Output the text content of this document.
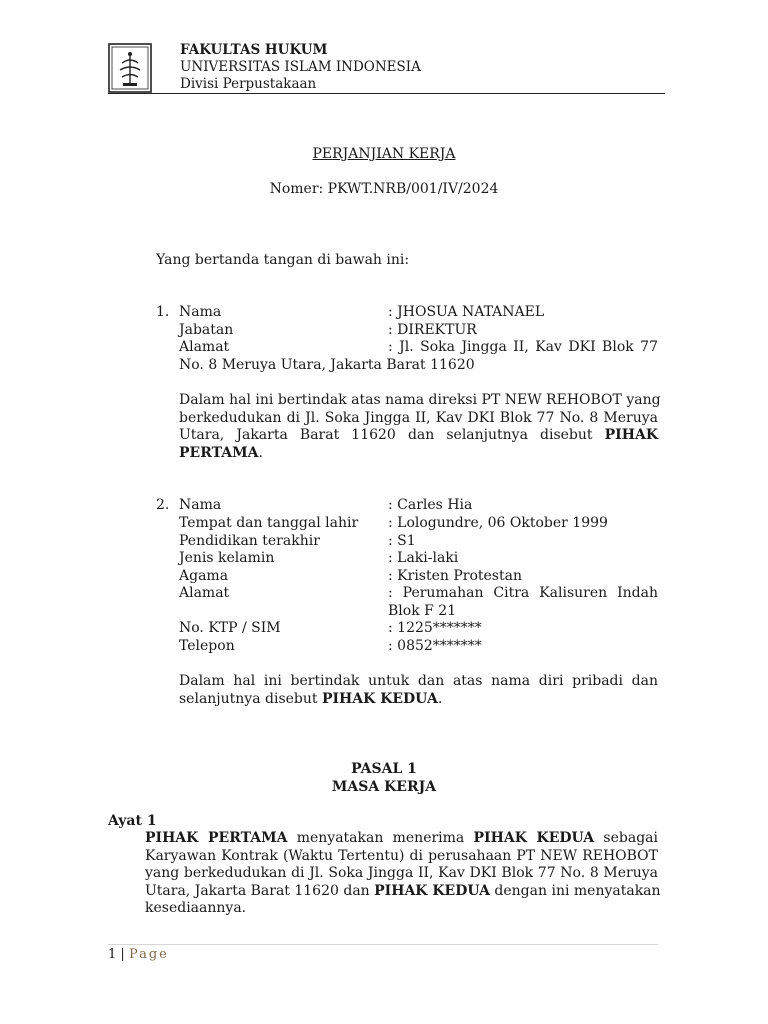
FAKULTAS HUKUM
UNIVERSITAS ISLAM INDONESIA
Divisi Perpustakaan
PERJANJIAN KERJA
Nomer: PKWT.NRB/001/IV/2024
Yang bertanda tangan di bawah ini:
1. Nama	: JHOSUA NATANAEL
Jabatan	: DIREKTUR
Alamat	: Jl. Soka Jingga II, Kav DKI Blok 77
No. 8 Meruya Utara, Jakarta Barat 11620
Dalam hal ini bertindak atas nama direksi PT NEW REHOBOT yang
berkedudukan di Jl. Soka Jingga II, Kav DKI Blok 77 No. 8 Meruya
Utara, Jakarta Barat 11620 dan selanjutnya disebut PIHAK
PERTAMA.
2. Nama	: Carles Hia
Tempat dan tanggal lahir : Lologundre, 06 Oktober 1999
Pendidikan terakhir	: S1
Jenis kelamin	: Laki-laki
Agama	: Kristen Protestan
Alamat	: Perumahan Citra Kalisuren Indah
Blok F 21
No. KTP / SIM	: 1225*******
Telepon	: 0852*******
Dalam hal ini bertindak untuk dan atas nama diri pribadi dan
selanjutnya disebut PIHAK KEDUA.
PASAL 1
MASA KERJA
Ayat 1
PIHAK PERTAMA menyatakan menerima PIHAK KEDUA sebagai
Karyawan Kontrak (Waktu Tertentu) di perusahaan PT NEW REHOBOT
yang berkedudukan di Jl. Soka Jingga II, Kav DKI Blok 77 No. 8 Meruya
Utara, Jakarta Barat 11620 dan PIHAK KEDUA dengan ini menyatakan
kesediaannya.
1 | Page
